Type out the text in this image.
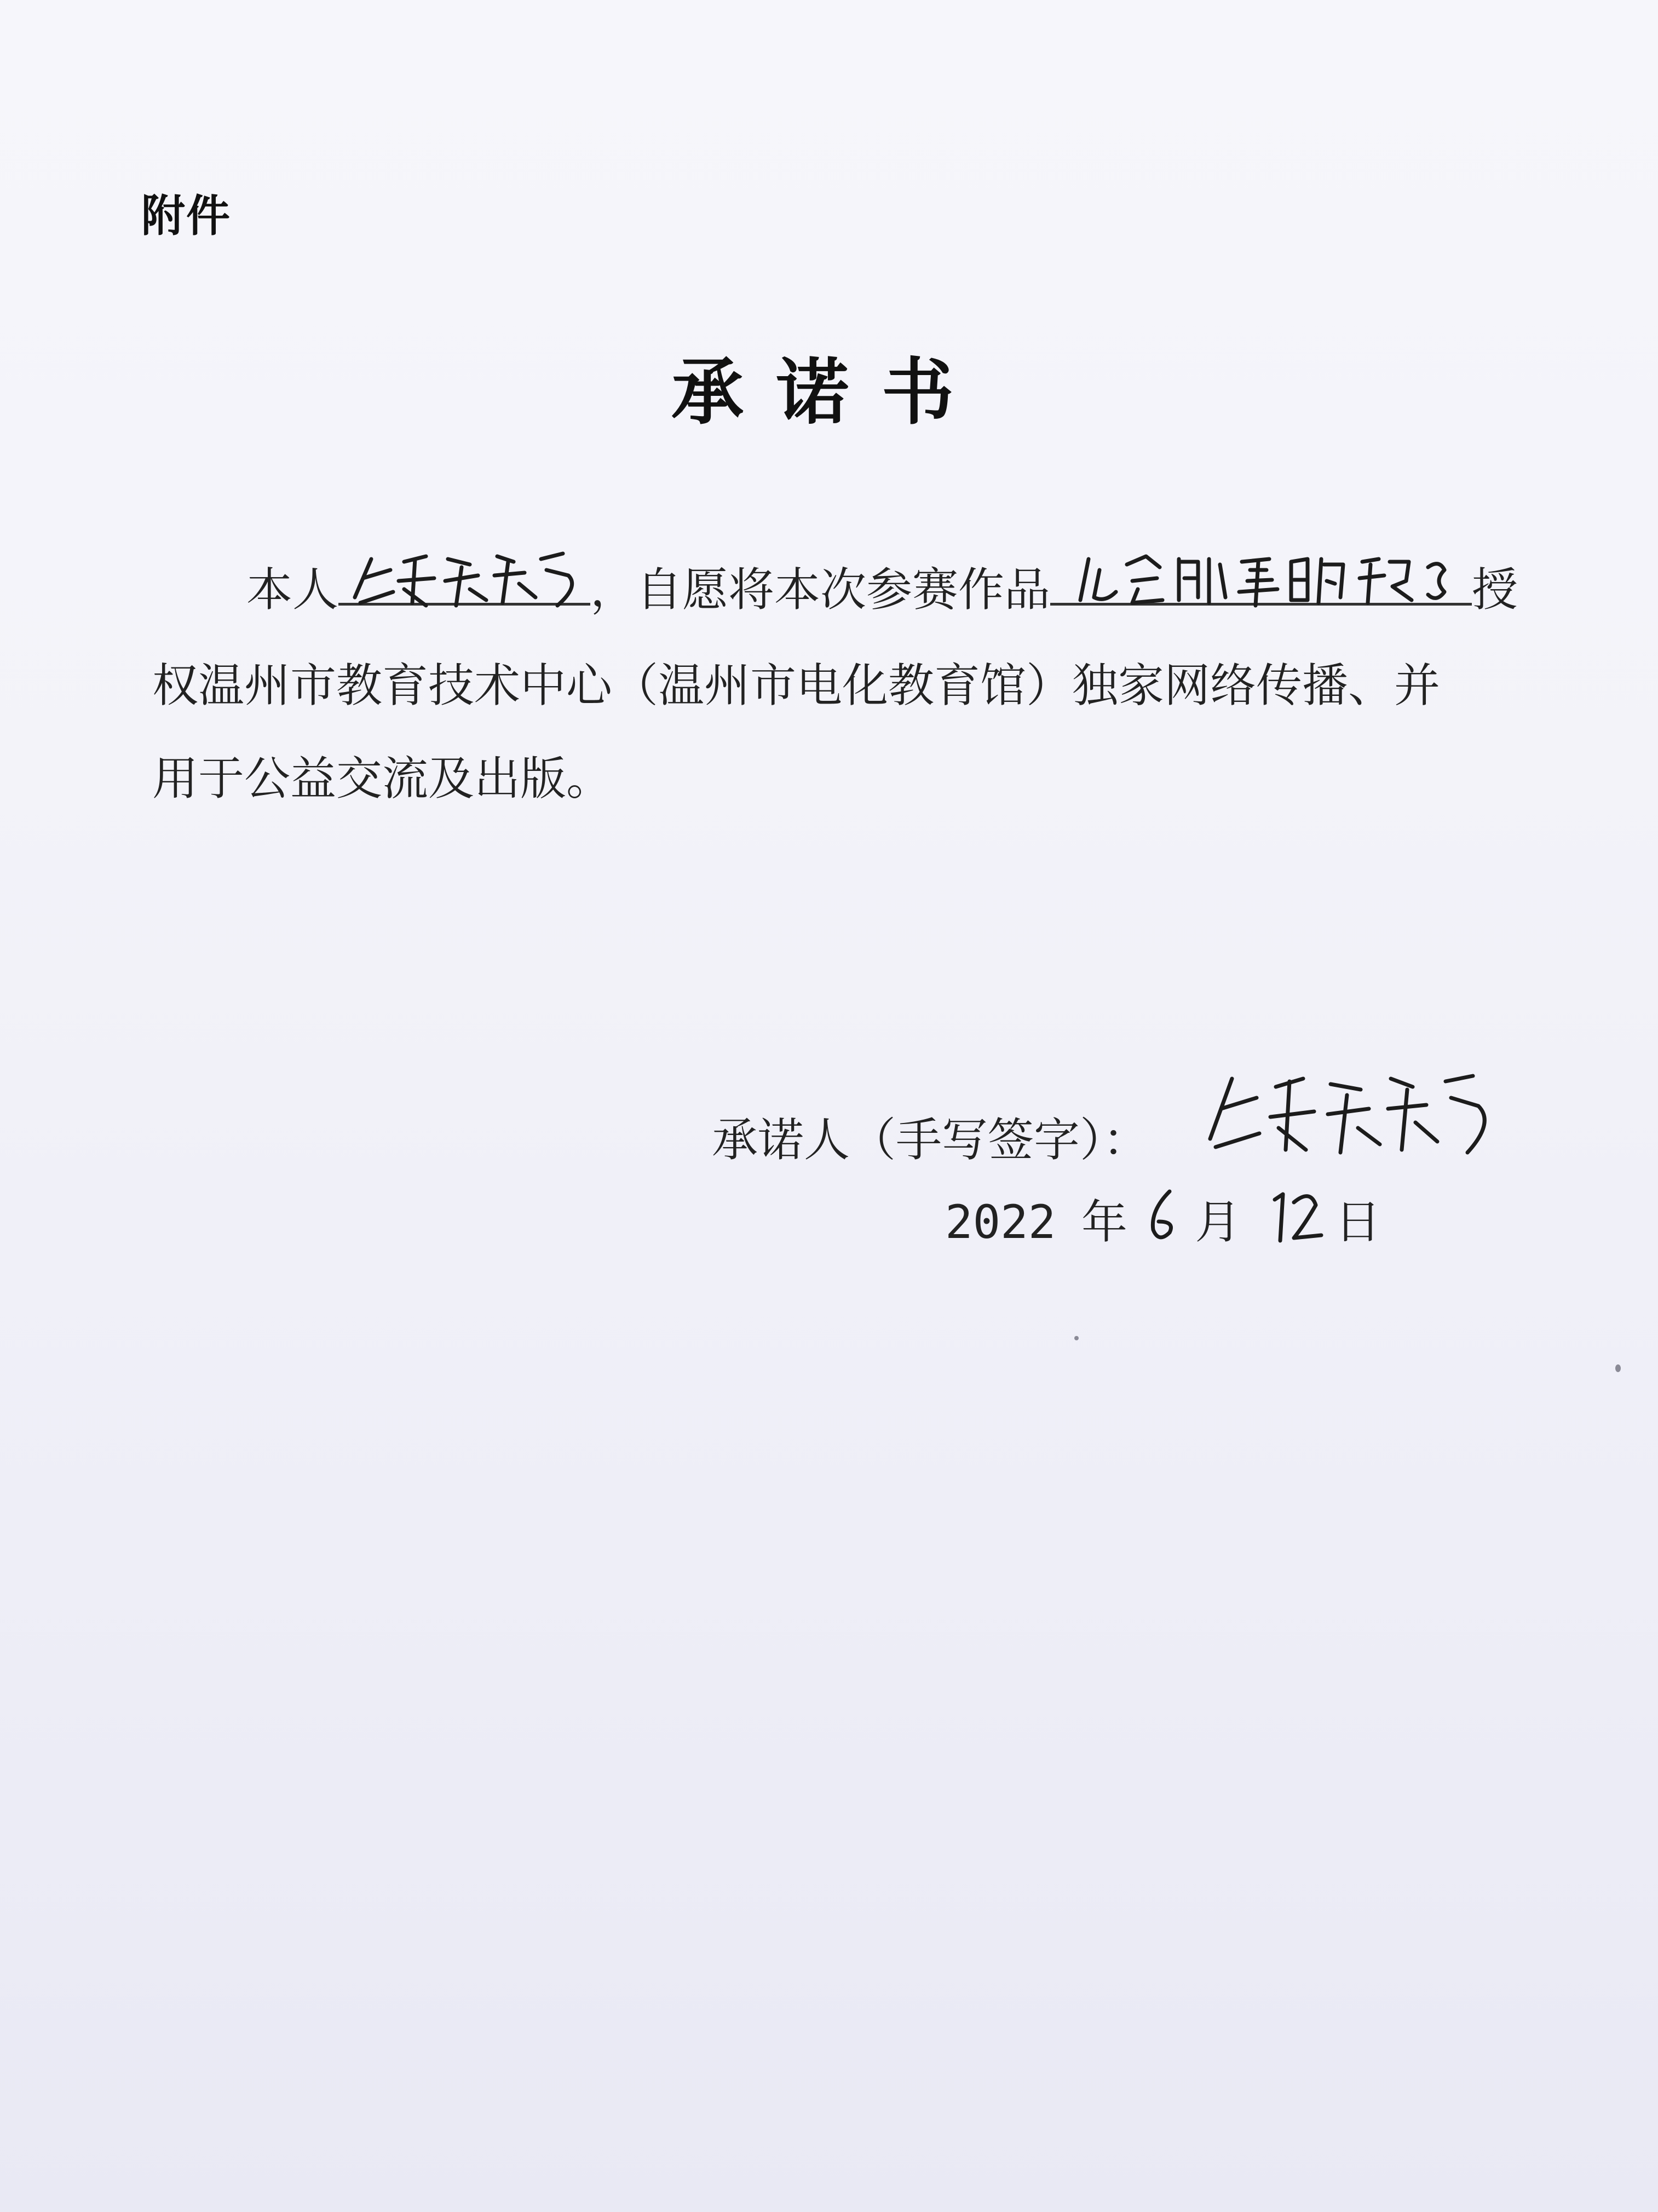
附件
承诺书
本人	，自愿将本次参赛作品	授
权温州市教育技术中心（温州市电化教育馆）独家网络传播、并
用于公益交流及出版。
承诺人（手写签字）：
2022 年 月 日
